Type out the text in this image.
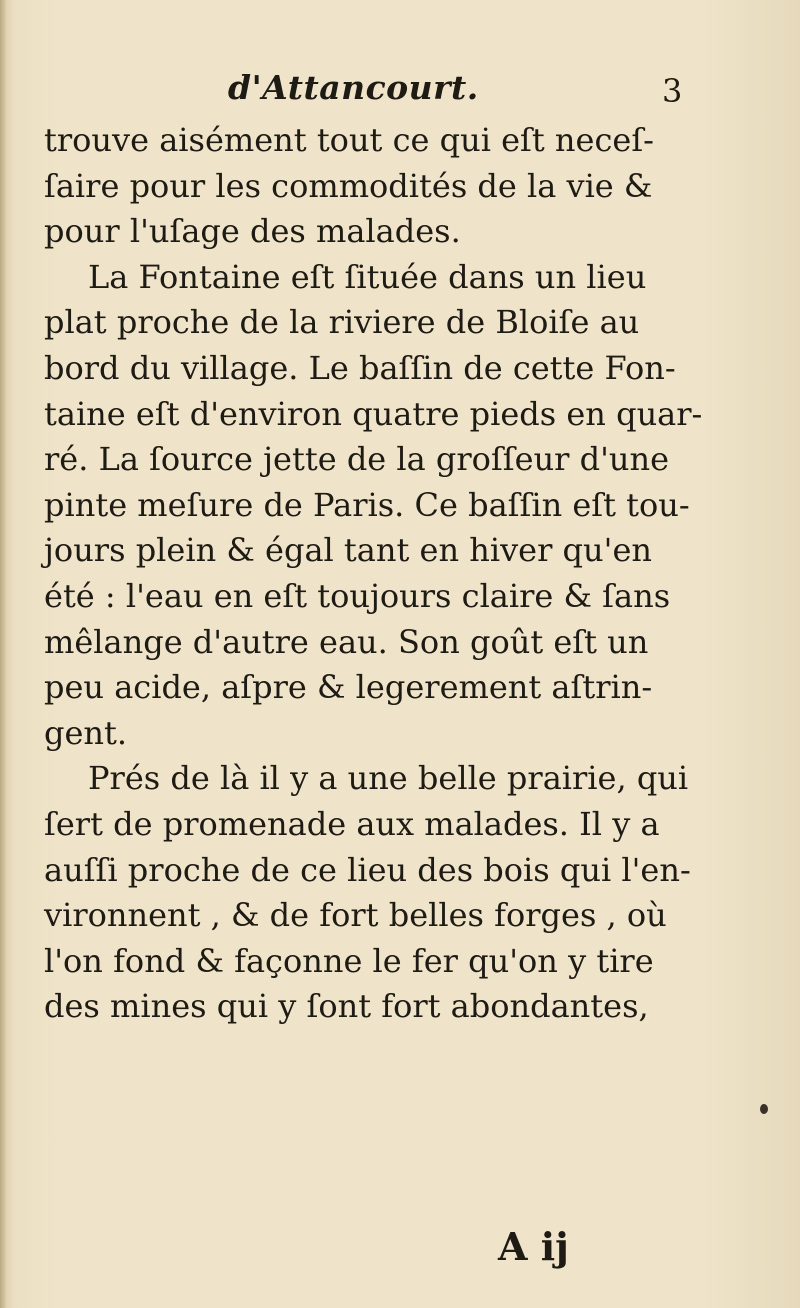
d'Attancourt.	3
trouve aisément tout ce qui eſt neceſ-
ſaire pour les commodités de la vie &
pour l'uſage des malades.
La Fontaine eſt ſituée dans un lieu
plat proche de la riviere de Bloiſe au
bord du village. Le baſſin de cette Fon-
taine eſt d'environ quatre pieds en quar-
ré. La ſource jette de la groſſeur d'une
pinte meſure de Paris. Ce baſſin eſt tou-
jours plein & égal tant en hiver qu'en
été : l'eau en eſt toujours claire & ſans
mêlange d'autre eau. Son goût eſt un
peu acide, aſpre & legerement aſtrin-
gent.
Prés de là il y a une belle prairie, qui
ſert de promenade aux malades. Il y a
auſſi proche de ce lieu des bois qui l'en-
vironnent , & de fort belles forges , où
l'on fond & façonne le fer qu'on y tire
des mines qui y ſont fort abondantes,
A ij
